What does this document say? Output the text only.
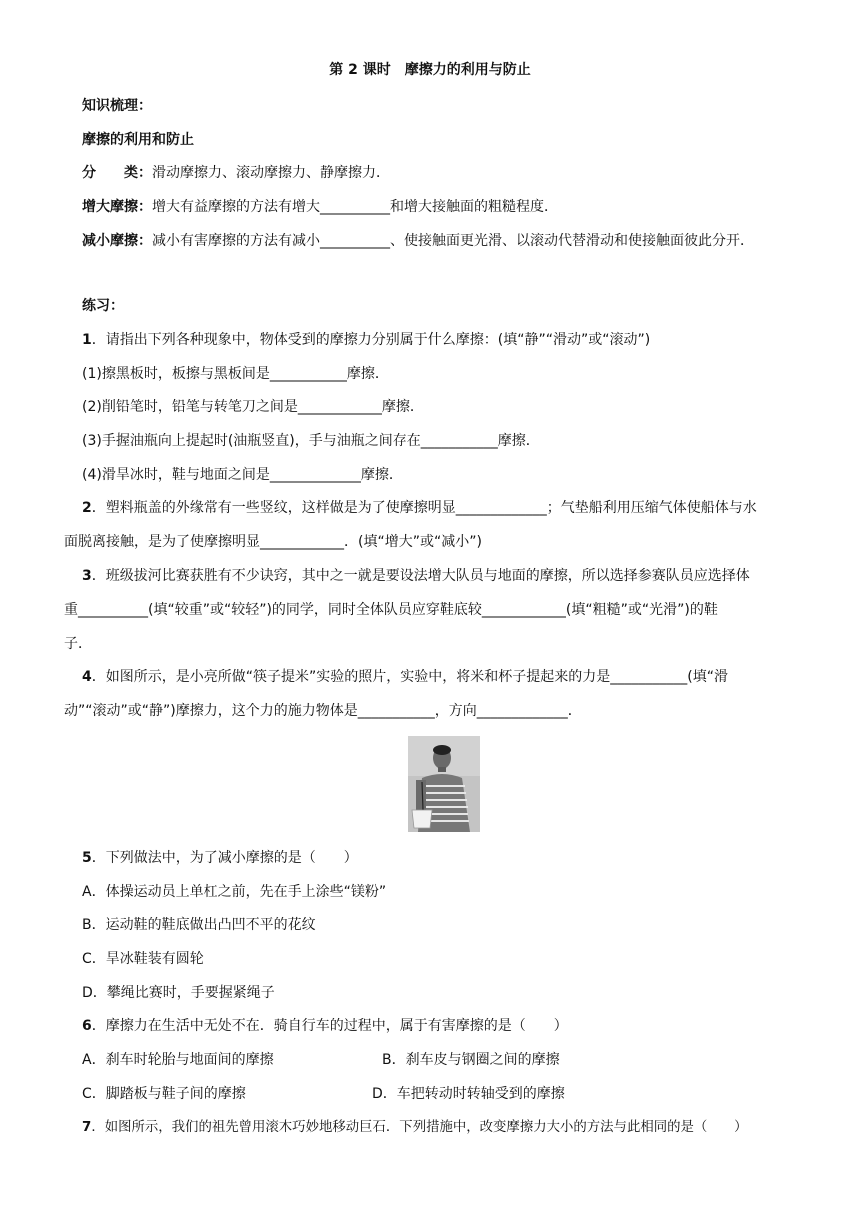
第 2 课时　摩擦力的利用与防止
知识梳理：
摩擦的利用和防止
分　　类：滑动摩擦力、滚动摩擦力、静摩擦力．
增大摩擦：增大有益摩擦的方法有增大__________和增大接触面的粗糙程度．
减小摩擦：减小有害摩擦的方法有减小__________、使接触面更光滑、以滚动代替滑动和使接触面彼此分开．
练习：
1．请指出下列各种现象中，物体受到的摩擦力分别属于什么摩擦：(填“静”“滑动”或“滚动”)
(1)擦黑板时，板擦与黑板间是___________摩擦．
(2)削铅笔时，铅笔与转笔刀之间是____________摩擦．
(3)手握油瓶向上提起时(油瓶竖直)，手与油瓶之间存在___________摩擦．
(4)滑旱冰时，鞋与地面之间是_____________摩擦．
2．塑料瓶盖的外缘常有一些竖纹，这样做是为了使摩擦明显_____________；气垫船利用压缩气体使船体与水
面脱离接触，是为了使摩擦明显____________．(填“增大”或“减小”)
3．班级拔河比赛获胜有不少诀窍，其中之一就是要设法增大队员与地面的摩擦，所以选择参赛队员应选择体
重__________(填“较重”或“较轻”)的同学，同时全体队员应穿鞋底较____________(填“粗糙”或“光滑”)的鞋
子．
4．如图所示，是小亮所做“筷子提米”实验的照片，实验中，将米和杯子提起来的力是___________(填“滑
动”“滚动”或“静”)摩擦力，这个力的施力物体是___________，方向_____________．
5．下列做法中，为了减小摩擦的是（　　）
A．体操运动员上单杠之前，先在手上涂些“镁粉”
B．运动鞋的鞋底做出凸凹不平的花纹
C．旱冰鞋装有圆轮
D．攀绳比赛时，手要握紧绳子
6．摩擦力在生活中无处不在．骑自行车的过程中，属于有害摩擦的是（　　）
A．刹车时轮胎与地面间的摩擦	B．刹车皮与钢圈之间的摩擦
C．脚踏板与鞋子间的摩擦	D．车把转动时转轴受到的摩擦
7．如图所示，我们的祖先曾用滚木巧妙地移动巨石．下列措施中，改变摩擦力大小的方法与此相同的是（　　）
